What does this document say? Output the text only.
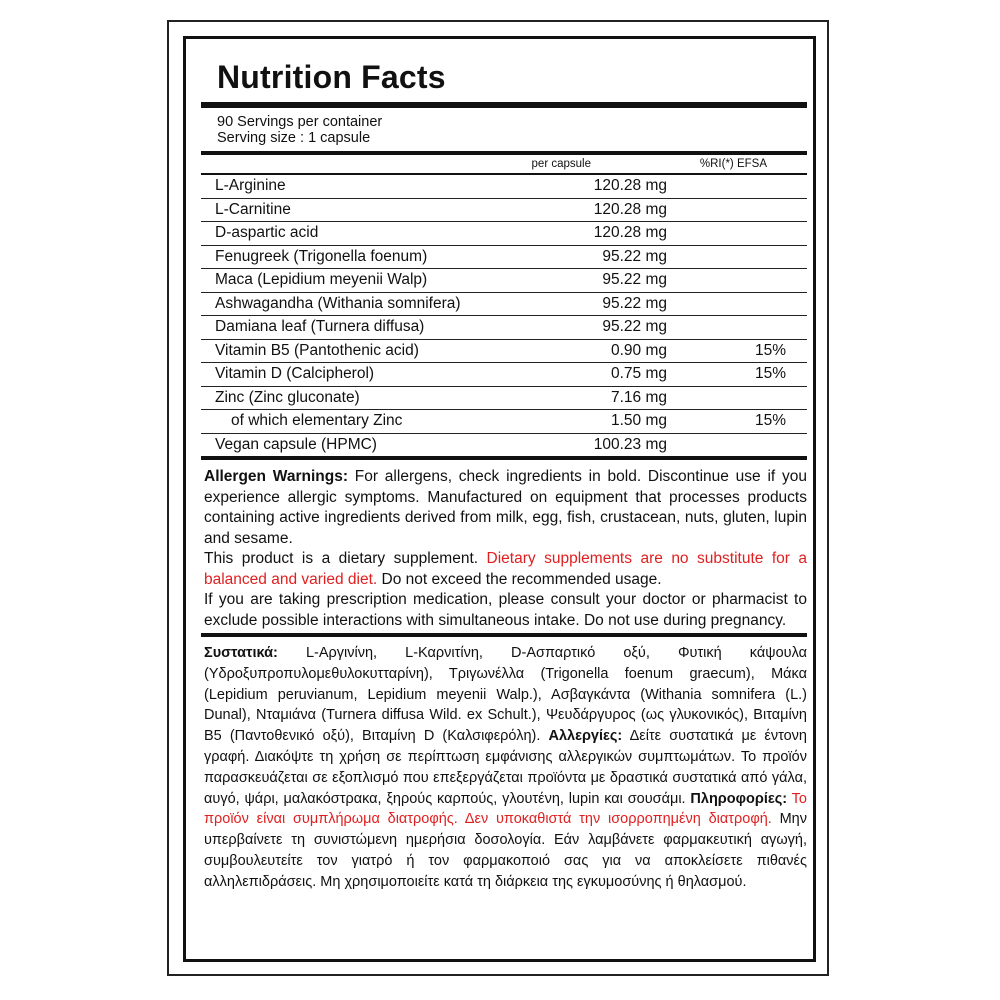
Nutrition Facts
90 Servings per container
Serving size : 1 capsule
per capsule	%RI(*) EFSA
L-Arginine	120.28 mg
L-Carnitine	120.28 mg
D-aspartic acid	120.28 mg
Fenugreek (Trigonella foenum)	95.22 mg
Maca (Lepidium meyenii Walp)	95.22 mg
Ashwagandha (Withania somnifera)	95.22 mg
Damiana leaf (Turnera diffusa)	95.22 mg
Vitamin B5 (Pantothenic acid)	0.90 mg	15%
Vitamin D (Calcipherol)	0.75 mg	15%
Zinc (Zinc gluconate)	7.16 mg
of which elementary Zinc	1.50 mg	15%
Vegan capsule (HPMC)	100.23 mg

Allergen Warnings: For allergens, check ingredients in bold. Discontinue use if you experience allergic symptoms. Manufactured on equipment that processes products containing active ingredients derived from milk, egg, fish, crustacean, nuts, gluten, lupin and sesame.

This product is a dietary supplement. Dietary supplements are no substitute for a balanced and varied diet. Do not exceed the recommended usage.

If you are taking prescription medication, please consult your doctor or pharmacist to exclude possible interactions with simultaneous intake. Do not use during pregnancy.

Συστατικά: L-Αργινίνη, L-Καρνιτίνη, D-Ασπαρτικό οξύ, Φυτική κάψουλα (Υδροξυπροπυλομεθυλοκυτταρίνη), Τριγωνέλλα (Trigonella foenum graecum), Μάκα (Lepidium peruvianum, Lepidium meyenii Walp.), Ασβαγκάντα (Withania somnifera (L.) Dunal), Νταμιάνα (Turnera diffusa Wild. ex Schult.), Ψευδάργυρος (ως γλυκονικός), Βιταμίνη B5 (Παντοθενικό οξύ), Βιταμίνη D (Καλσιφερόλη). Αλλεργίες: Δείτε συστατικά με έντονη γραφή. Διακόψτε τη χρήση σε περίπτωση εμφάνισης αλλεργικών συμπτωμάτων. Το προϊόν παρασκευάζεται σε εξοπλισμό που επεξεργάζεται προϊόντα με δραστικά συστατικά από γάλα, αυγό, ψάρι, μαλακόστρακα, ξηρούς καρπούς, γλουτένη, lupin και σουσάμι. Πληροφορίες: Το προϊόν είναι συμπλήρωμα διατροφής. Δεν υποκαθιστά την ισορροπημένη διατροφή. Μην υπερβαίνετε τη συνιστώμενη ημερήσια δοσολογία. Εάν λαμβάνετε φαρμακευτική αγωγή, συμβουλευτείτε τον γιατρό ή τον φαρμακοποιό σας για να αποκλείσετε πιθανές αλληλεπιδράσεις. Μη χρησιμοποιείτε κατά τη διάρκεια της εγκυμοσύνης ή θηλασμού.
